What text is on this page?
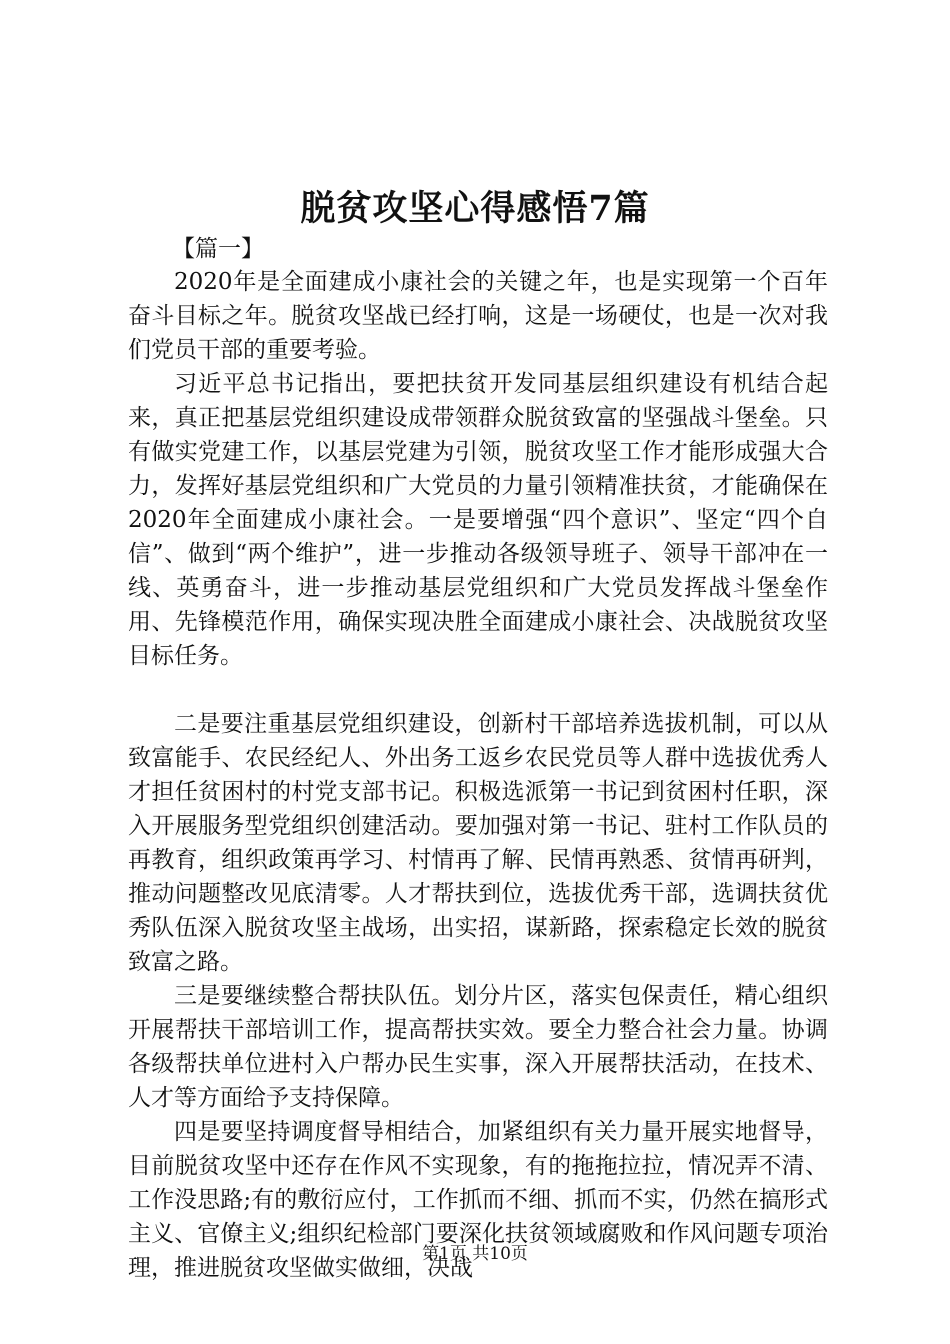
脱贫攻坚心得感悟7篇
【篇一】

2020年是全面建成小康社会的关键之年，也是实现第一个百年奋斗目标之年。脱贫攻坚战已经打响，这是一场硬仗，也是一次对我们党员干部的重要考验。

习近平总书记指出，要把扶贫开发同基层组织建设有机结合起来，真正把基层党组织建设成带领群众脱贫致富的坚强战斗堡垒。只有做实党建工作，以基层党建为引领，脱贫攻坚工作才能形成强大合力，发挥好基层党组织和广大党员的力量引领精准扶贫，才能确保在2020年全面建成小康社会。一是要增强“四个意识”、坚定“四个自信”、做到“两个维护”，进一步推动各级领导班子、领导干部冲在一线、英勇奋斗，进一步推动基层党组织和广大党员发挥战斗堡垒作用、先锋模范作用，确保实现决胜全面建成小康社会、决战脱贫攻坚目标任务。

二是要注重基层党组织建设，创新村干部培养选拔机制，可以从致富能手、农民经纪人、外出务工返乡农民党员等人群中选拔优秀人才担任贫困村的村党支部书记。积极选派第一书记到贫困村任职，深入开展服务型党组织创建活动。要加强对第一书记、驻村工作队员的再教育，组织政策再学习、村情再了解、民情再熟悉、贫情再研判，推动问题整改见底清零。人才帮扶到位，选拔优秀干部，选调扶贫优秀队伍深入脱贫攻坚主战场，出实招，谋新路，探索稳定长效的脱贫致富之路。

三是要继续整合帮扶队伍。划分片区，落实包保责任，精心组织开展帮扶干部培训工作，提高帮扶实效。要全力整合社会力量。协调各级帮扶单位进村入户帮办民生实事，深入开展帮扶活动，在技术、人才等方面给予支持保障。

四是要坚持调度督导相结合，加紧组织有关力量开展实地督导，目前脱贫攻坚中还存在作风不实现象，有的拖拖拉拉，情况弄不清、工作没思路;有的敷衍应付，工作抓而不细、抓而不实，仍然在搞形式主义、官僚主义;组织纪检部门要深化扶贫领域腐败和作风问题专项治理，推进脱贫攻坚做实做细，决战

第1页 共10页
